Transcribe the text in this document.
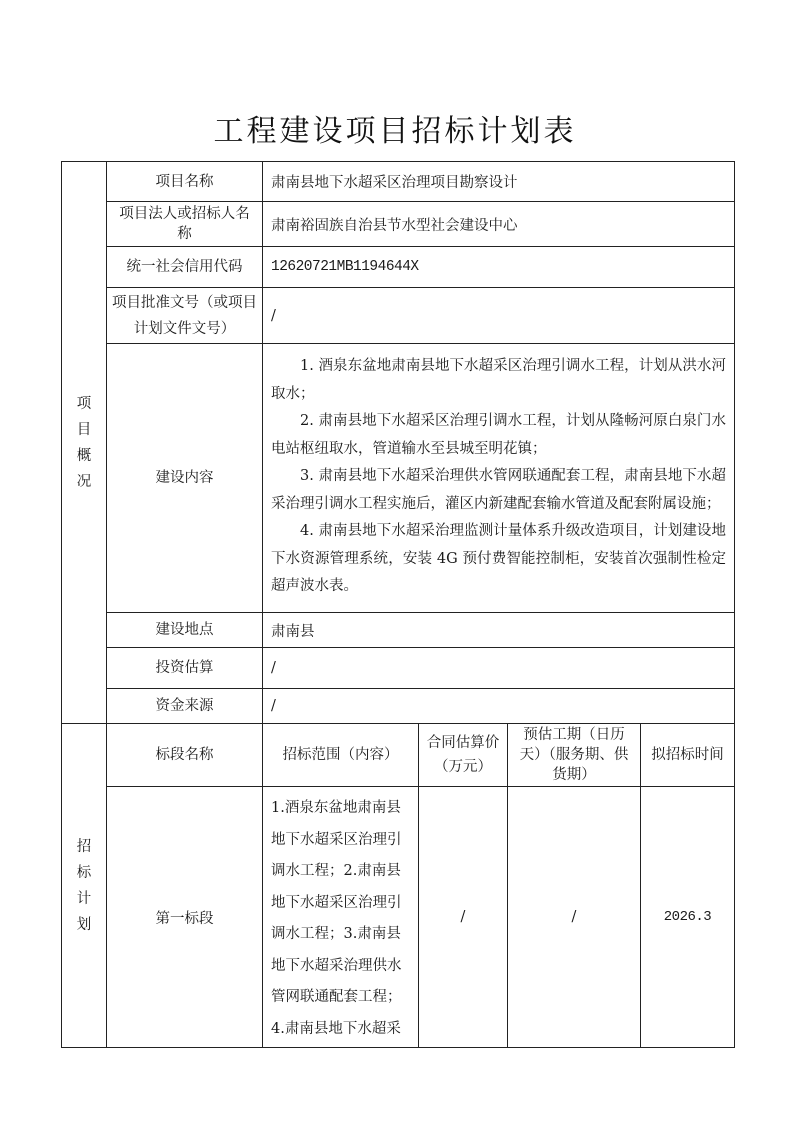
工程建设项目招标计划表
项
目
概
况	项目名称	肃南县地下水超采区治理项目勘察设计			
	项目法人或招标人名称	肃南裕固族自治县节水型社会建设中心			
	统一社会信用代码	12620721MB1194644X			
	项目批准文号（或项目计划文件文号）	/			
	建设内容	1. 酒泉东盆地肃南县地下水超采区治理引调水工程，计划从洪水河取水；

2. 肃南县地下水超采区治理引调水工程，计划从隆畅河原白泉门水电站枢纽取水，管道输水至县城至明花镇；

3. 肃南县地下水超采治理供水管网联通配套工程，肃南县地下水超采治理引调水工程实施后，灌区内新建配套输水管道及配套附属设施；

4. 肃南县地下水超采治理监测计量体系升级改造项目，计划建设地下水资源管理系统，安装 4G 预付费智能控制柜，安装首次强制性检定超声波水表。			

	建设地点	肃南县			
	投资估算	/			
	资金来源	/			
招
标
计
划	标段名称	招标范围（内容）	合同估算价（万元）	预估工期（日历天）（服务期、供货期）	拟招标时间
	第一标段	1.酒泉东盆地肃南县地下水超采区治理引调水工程；2.肃南县地下水超采区治理引调水工程；3.肃南县地下水超采治理供水管网联通配套工程；4.肃南县地下水超采	/	/	2026.3
